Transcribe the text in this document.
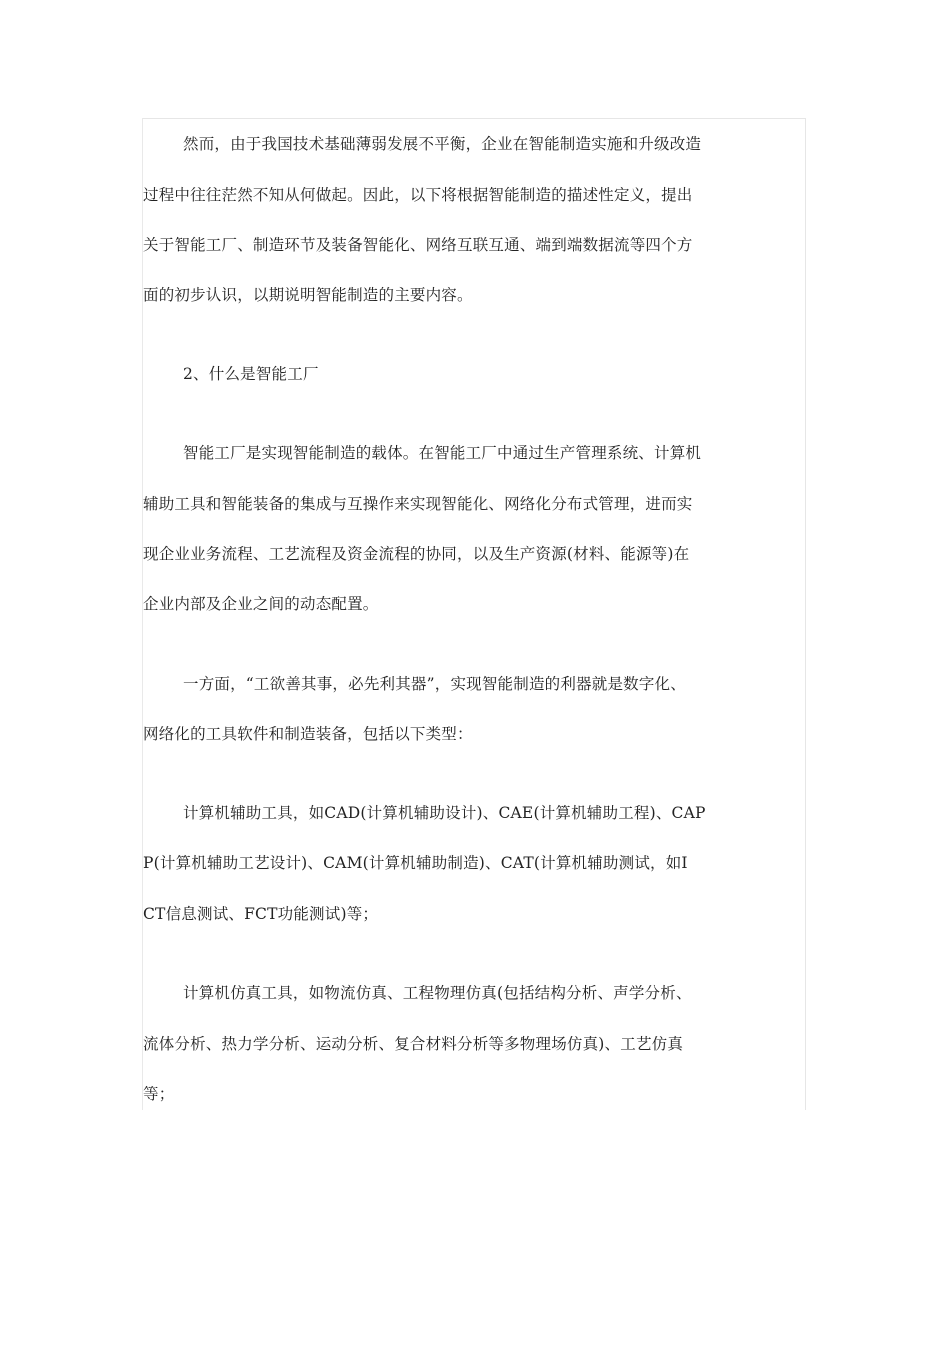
然而，由于我国技术基础薄弱发展不平衡，企业在智能制造实施和升级改造

过程中往往茫然不知从何做起。因此，以下将根据智能制造的描述性定义，提出

关于智能工厂、制造环节及装备智能化、网络互联互通、端到端数据流等四个方

面的初步认识，以期说明智能制造的主要内容。

2、什么是智能工厂

智能工厂是实现智能制造的载体。在智能工厂中通过生产管理系统、计算机

辅助工具和智能装备的集成与互操作来实现智能化、网络化分布式管理，进而实

现企业业务流程、工艺流程及资金流程的协同，以及生产资源(材料、能源等)在

企业内部及企业之间的动态配置。

一方面，“工欲善其事，必先利其器”，实现智能制造的利器就是数字化、

网络化的工具软件和制造装备，包括以下类型：

计算机辅助工具，如CAD(计算机辅助设计)、CAE(计算机辅助工程)、CAP

P(计算机辅助工艺设计)、CAM(计算机辅助制造)、CAT(计算机辅助测试，如I

CT信息测试、FCT功能测试)等；

计算机仿真工具，如物流仿真、工程物理仿真(包括结构分析、声学分析、

流体分析、热力学分析、运动分析、复合材料分析等多物理场仿真)、工艺仿真

等；
